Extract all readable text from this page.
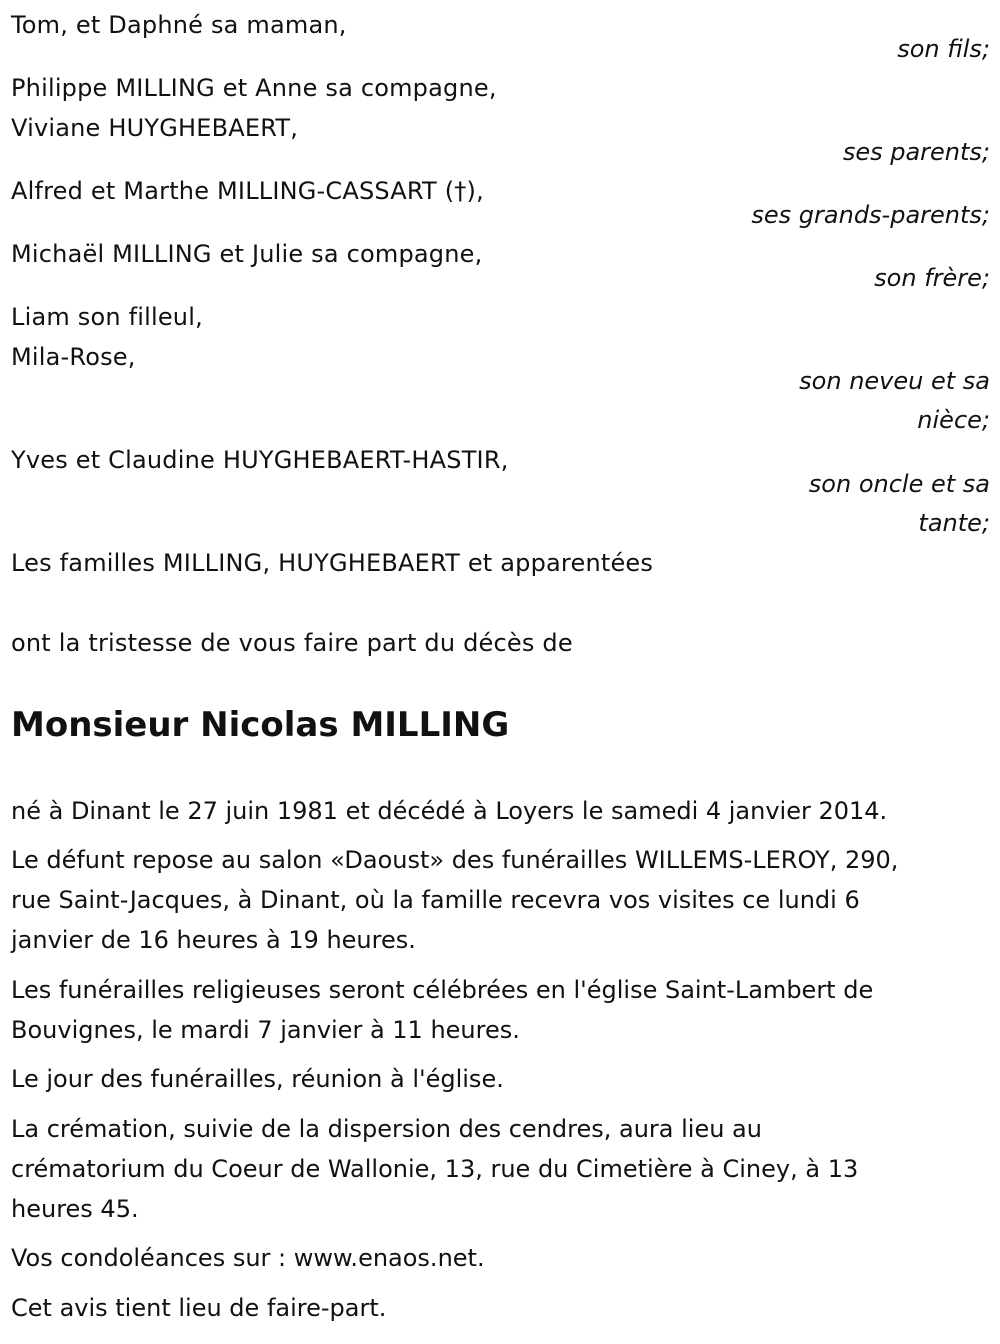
Tom, et Daphné sa maman,
son fils;
Philippe MILLING et Anne sa compagne,
Viviane HUYGHEBAERT,
ses parents;
Alfred et Marthe MILLING-CASSART (†),
ses grands-parents;
Michaël MILLING et Julie sa compagne,
son frère;
Liam son filleul,
Mila-Rose,
son neveu et sa
nièce;
Yves et Claudine HUYGHEBAERT-HASTIR,
son oncle et sa
tante;
Les familles MILLING, HUYGHEBAERT et apparentées
ont la tristesse de vous faire part du décès de
Monsieur Nicolas MILLING
né à Dinant le 27 juin 1981 et décédé à Loyers le samedi 4 janvier 2014.
Le défunt repose au salon «Daoust» des funérailles WILLEMS-LEROY, 290,
rue Saint-Jacques, à Dinant, où la famille recevra vos visites ce lundi 6
janvier de 16 heures à 19 heures.
Les funérailles religieuses seront célébrées en l'église Saint-Lambert de
Bouvignes, le mardi 7 janvier à 11 heures.
Le jour des funérailles, réunion à l'église.
La crémation, suivie de la dispersion des cendres, aura lieu au
crématorium du Coeur de Wallonie, 13, rue du Cimetière à Ciney, à 13
heures 45.
Vos condoléances sur : www.enaos.net.
Cet avis tient lieu de faire-part.
